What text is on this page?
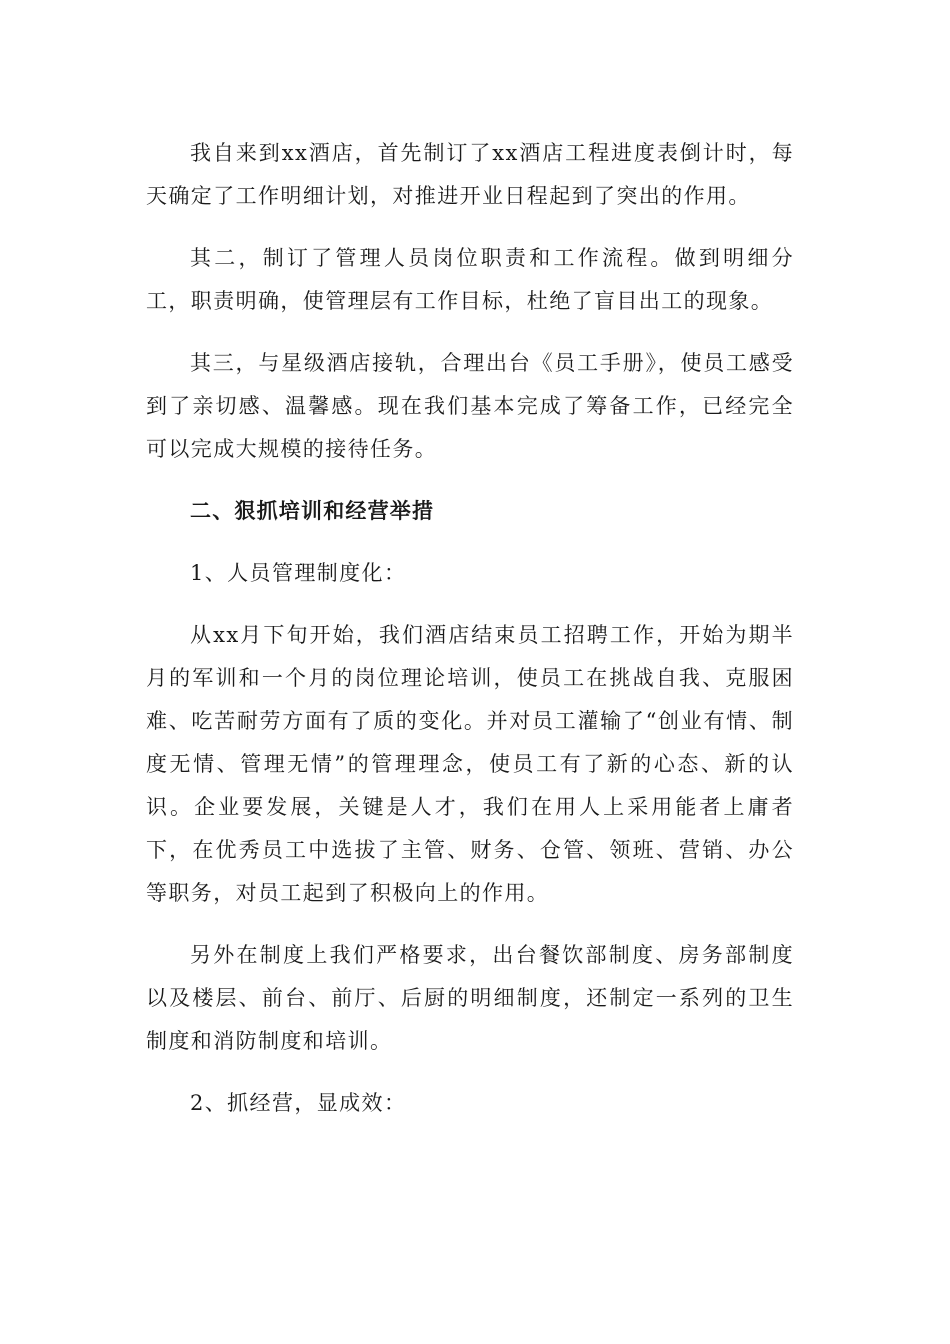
我自来到xx酒店，首先制订了xx酒店工程进度表倒计时，每天确定了工作明细计划，对推进开业日程起到了突出的作用。

其二，制订了管理人员岗位职责和工作流程。做到明细分工，职责明确，使管理层有工作目标，杜绝了盲目出工的现象。

其三，与星级酒店接轨，合理出台《员工手册》，使员工感受到了亲切感、温馨感。现在我们基本完成了筹备工作，已经完全可以完成大规模的接待任务。

二、狠抓培训和经营举措

1、人员管理制度化：

从xx月下旬开始，我们酒店结束员工招聘工作，开始为期半月的军训和一个月的岗位理论培训，使员工在挑战自我、克服困难、吃苦耐劳方面有了质的变化。并对员工灌输了“创业有情、制度无情、管理无情”的管理理念，使员工有了新的心态、新的认识。企业要发展，关键是人才，我们在用人上采用能者上庸者下，在优秀员工中选拔了主管、财务、仓管、领班、营销、办公等职务，对员工起到了积极向上的作用。

另外在制度上我们严格要求，出台餐饮部制度、房务部制度以及楼层、前台、前厅、后厨的明细制度，还制定一系列的卫生制度和消防制度和培训。

2、抓经营，显成效：
